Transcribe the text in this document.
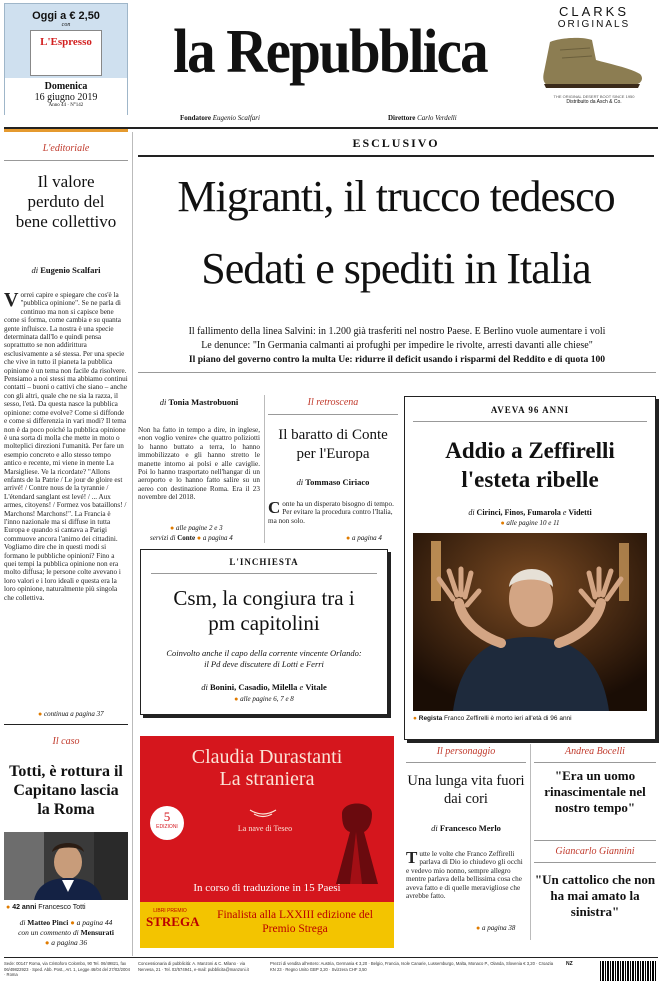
Oggi a € 2,50
con
L'Espresso
Domenica
16 giugno 2019
Anno 44 · N°142
la Repubblica
Fondatore Eugenio Scalfari	Direttore Carlo Verdelli
CLARKS
ORIGINALS
THE ORIGINAL DESERT BOOT SINCE 1950
Distribuito da Asch & Co.
L'editoriale
Il valore perduto del bene collettivo
di Eugenio Scalfari
V orrei capire e spiegare che cos'è la "pubblica opinione". Se ne parla di continuo ma non si capisce bene come si forma, come cambia e su quanta gente influisce. La nostra è una specie determinata dall'Io e quindi pensa soprattutto se non addirittura esclusivamente a sé stessa. Per una specie che vive in tutto il pianeta la pubblica opinione è un tema non facile da risolvere. Pensiamo a noi stessi ma abbiamo continui contatti – buoni o cattivi che siano – anche con gli altri, quale che ne sia la razza, il sesso, l'età. Da questa nasce la pubblica opinione: come evolve? Come si diffonde e come si differenzia in vari modi? Il tema non è da poco poiché la pubblica opinione è una sorta di molla che mette in moto o molteplici direzioni l'umanità. Per fare un esempio concreto e allo stesso tempo antico e recente, mi viene in mente La Marsigliese. Ve la ricordate? "Allons enfants de la Patrie / Le jour de gloire est arrivé! / Contre nous de la tyrannie / L'étendard sanglant est levé! / ... Aux armes, citoyens! / Formez vos bataillons! / Marchons! Marchons!". La Francia è l'inno nazionale ma si diffuse in tutta Europa e quando si cantava a Parigi commuove ancora l'animo dei cittadini. Vogliamo dire che in questi modi si formano le pubbliche opinioni? Fino a quei tempi la pubblica opinione non era molto diffusa; le persone colte avevano i loro valori e i loro ideali e questa era la loro opinione, naturalmente più singola che collettiva.
● continua a pagina 37
Il caso
Totti, è rottura il Capitano lascia la Roma
● 42 anni Francesco Totti
di Matteo Pinci ● a pagina 44
con un commento di Mensurati
● a pagina 36
ESCLUSIVO
Migranti, il trucco tedesco
Sedati e spediti in Italia
Il fallimento della linea Salvini: in 1.200 già trasferiti nel nostro Paese. E Berlino vuole aumentare i voli
Le denunce: "In Germania calmanti ai profughi per impedire le rivolte, arresti davanti alle chiese"
Il piano del governo contro la multa Ue: ridurre il deficit usando i risparmi del Reddito e di quota 100
di Tonia Mastrobuoni
Non ha fatto in tempo a dire, in inglese, «non voglio venire» che quattro poliziotti lo hanno buttato a terra, lo hanno immobilizzato e gli hanno stretto le manette intorno ai polsi e alle caviglie. Poi lo hanno trasportato nell'hangar di un aeroporto e lo hanno fatto salire su un aereo con destinazione Roma. Era il 23 novembre del 2018.
● alle pagine 2 e 3
servizi di Conte ● a pagina 4
Il retroscena
Il baratto di Conte per l'Europa
di Tommaso Ciriaco
C onte ha un disperato bisogno di tempo. Per evitare la procedura contro l'Italia, ma non solo.
● a pagina 4
L'INCHIESTA
Csm, la congiura tra i pm capitolini
Coinvolto anche il capo della corrente vincente Orlando: il Pd deve discutere di Lotti e Ferri
di Bonini, Casadio, Milella e Vitale
● alle pagine 6, 7 e 8
Claudia Durastanti
La straniera
5
EDIZIONI	La nave di Teseo
In corso di traduzione in 15 Paesi
LIBRI PREMIO
STREGA	Finalista alla LXXIII edizione del Premio Strega
AVEVA 96 ANNI
Addio a Zeffirelli l'esteta ribelle
di Cirinci, Finos, Fumarola e Videtti
● alle pagine 10 e 11
● Regista Franco Zeffirelli è morto ieri all'età di 96 anni
Il personaggio
Una lunga vita fuori dai cori
di Francesco Merlo
T utte le volte che Franco Zeffirelli parlava di Dio io chiudevo gli occhi e vedevo mio nonno, sempre allegro mentre parlava della bellissima cosa che aveva fatto e di quelle meravigliose che avrebbe fatto.
● a pagina 38
Andrea Bocelli
"Era un uomo rinascimentale nel nostro tempo"
Giancarlo Giannini
"Un cattolico che non ha mai amato la sinistra"
Sede: 00147 Roma, via Cristoforo Colombo, 90 Tel. 06/49821, fax 06/49822923 · Sped. Abb. Post., Art. 1, Legge 46/04 del 27/02/2004 · Roma
Concessionaria di pubblicità: A. Manzoni & C. Milano · via Nervesa, 21 · Tel. 02/574941, e-mail: pubblicita@manzoni.it
Prezzi di vendita all'estero: Austria, Germania € 3,20 · Belgio, Francia, Isole Canarie, Lussemburgo, Malta, Monaco P., Olanda, Slovenia € 3,20 · Croazia KN 23 · Regno Unito GBP 3,20 · Svizzera CHF 3,50
NZ
